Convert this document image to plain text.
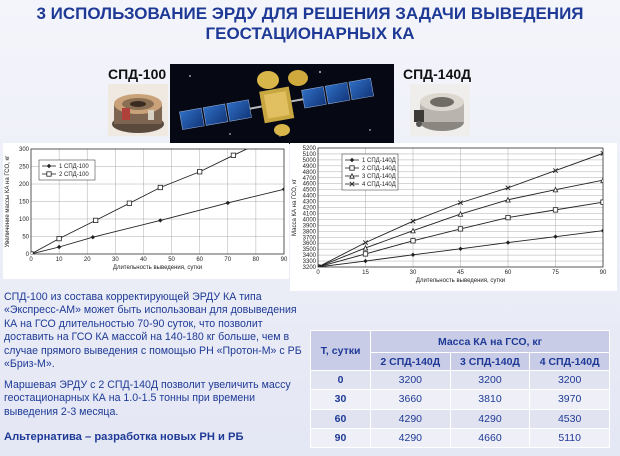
3 ИСПОЛЬЗОВАНИЕ ЭРДУ ДЛЯ РЕШЕНИЯ ЗАДАЧИ ВЫВЕДЕНИЯ
ГЕОСТАЦИОНАРНЫХ КА
СПД-100	СПД-140Д
0	10	20	30	40	50	60	70	80	90
0
50
100
150
200
250
300
Длительность выведения, сутки
Увеличение массы КА на ГСО, кг	1 СПД-100
2 СПД-100
0	15	30	45	60	75	90
3200
3300
3400
3500
3600
3700
3800
3900
4000
4100
4200
4300
4400
4500
4600
4700
4800
4900
5000
5100
5200
Длительность выведения, сутки
Масса КА на ГСО, кг
1 СПД-140Д
2 СПД-140Д
3 СПД-140Д
4 СПД-140Д
СПД-100 из состава корректирующей ЭРДУ КА типа «Экспресс-АМ» может быть использован для довыведения КА на ГСО длительностью 70-90 суток, что позволит доставить на ГСО КА массой на 140-180 кг больше, чем в случае прямого выведения с помощью РН «Протон-М» с РБ «Бриз-М».
Маршевая ЭРДУ с 2 СПД-140Д позволит увеличить массу геостационарных КА на 1.0-1.5 тонны при времени выведения 2-3 месяца.
Альтернатива – разработка новых РН и РБ
Т, сутки	Масса КА на ГСО, кг		
	2 СПД-140Д	3 СПД-140Д	4 СПД-140Д
0	3200	3200	3200
30	3660	3810	3970
60	4290	4290	4530
90	4290	4660	5110
